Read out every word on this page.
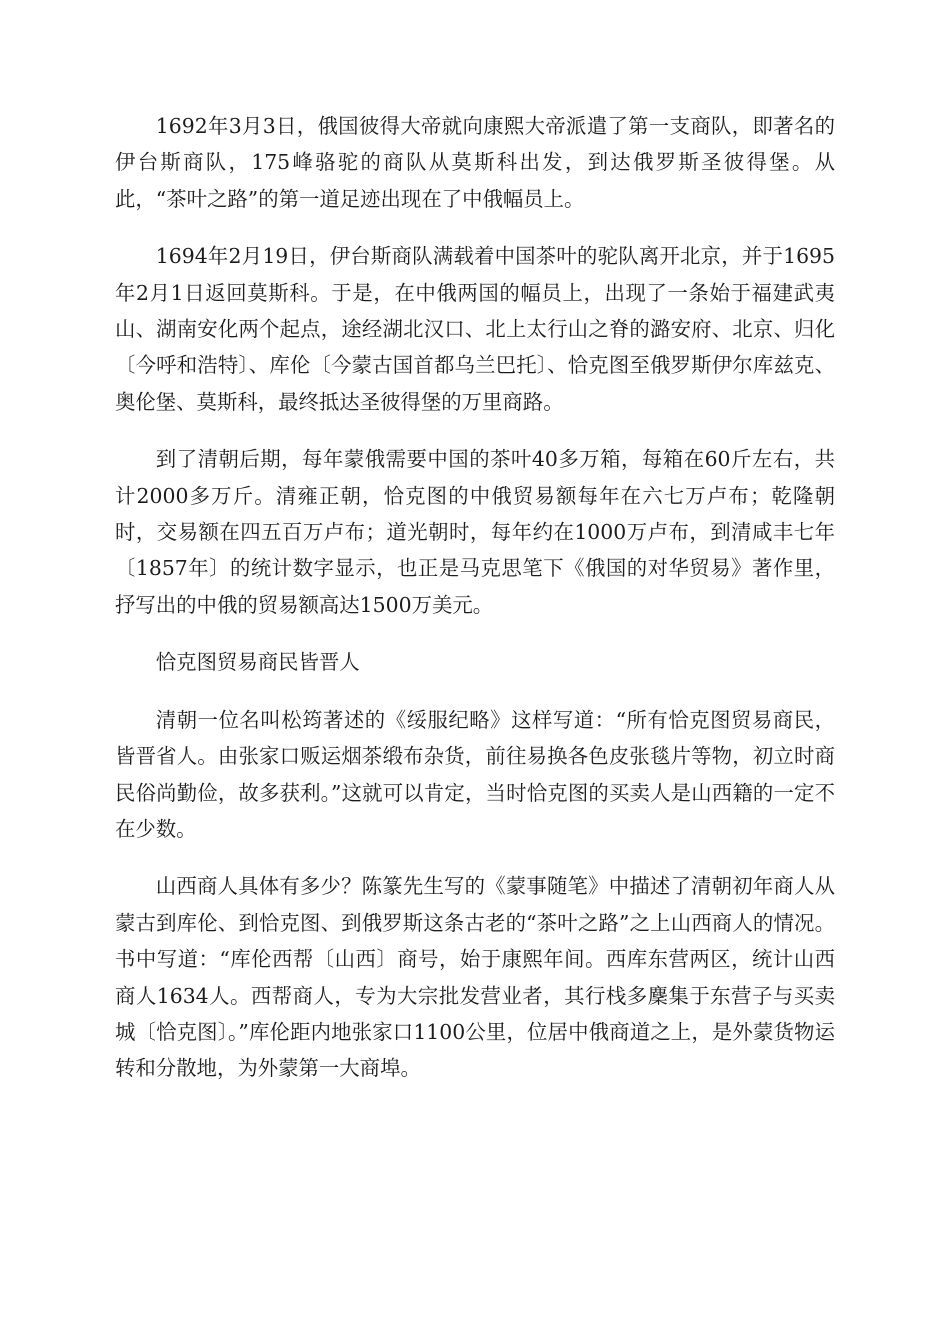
1692年3月3日，俄国彼得大帝就向康熙大帝派遣了第一支商队，即著名的伊台斯商队，175峰骆驼的商队从莫斯科出发，到达俄罗斯圣彼得堡。从此，“茶叶之路”的第一道足迹出现在了中俄幅员上。

1694年2月19日，伊台斯商队满载着中国茶叶的驼队离开北京，并于1695年2月1日返回莫斯科。于是，在中俄两国的幅员上，出现了一条始于福建武夷山、湖南安化两个起点，途经湖北汉口、北上太行山之脊的潞安府、北京、归化〔今呼和浩特〕、库伦〔今蒙古国首都乌兰巴托〕、恰克图至俄罗斯伊尔库兹克、奥伦堡、莫斯科，最终抵达圣彼得堡的万里商路。

到了清朝后期，每年蒙俄需要中国的茶叶40多万箱，每箱在60斤左右，共计2000多万斤。清雍正朝，恰克图的中俄贸易额每年在六七万卢布；乾隆朝时，交易额在四五百万卢布；道光朝时，每年约在1000万卢布，到清咸丰七年〔1857年〕的统计数字显示，也正是马克思笔下《俄国的对华贸易》著作里，抒写出的中俄的贸易额高达1500万美元。

恰克图贸易商民皆晋人

清朝一位名叫松筠著述的《绥服纪略》这样写道：“所有恰克图贸易商民，皆晋省人。由张家口贩运烟茶缎布杂货，前往易换各色皮张毯片等物，初立时商民俗尚勤俭，故多获利。”这就可以肯定，当时恰克图的买卖人是山西籍的一定不在少数。

山西商人具体有多少？陈篆先生写的《蒙事随笔》中描述了清朝初年商人从蒙古到库伦、到恰克图、到俄罗斯这条古老的“茶叶之路”之上山西商人的情况。书中写道：“库伦西帮〔山西〕商号，始于康熙年间。西库东营两区，统计山西商人1634人。西帮商人，专为大宗批发营业者，其行栈多麇集于东营子与买卖城〔恰克图〕。”库伦距内地张家口1100公里，位居中俄商道之上，是外蒙货物运转和分散地，为外蒙第一大商埠。
